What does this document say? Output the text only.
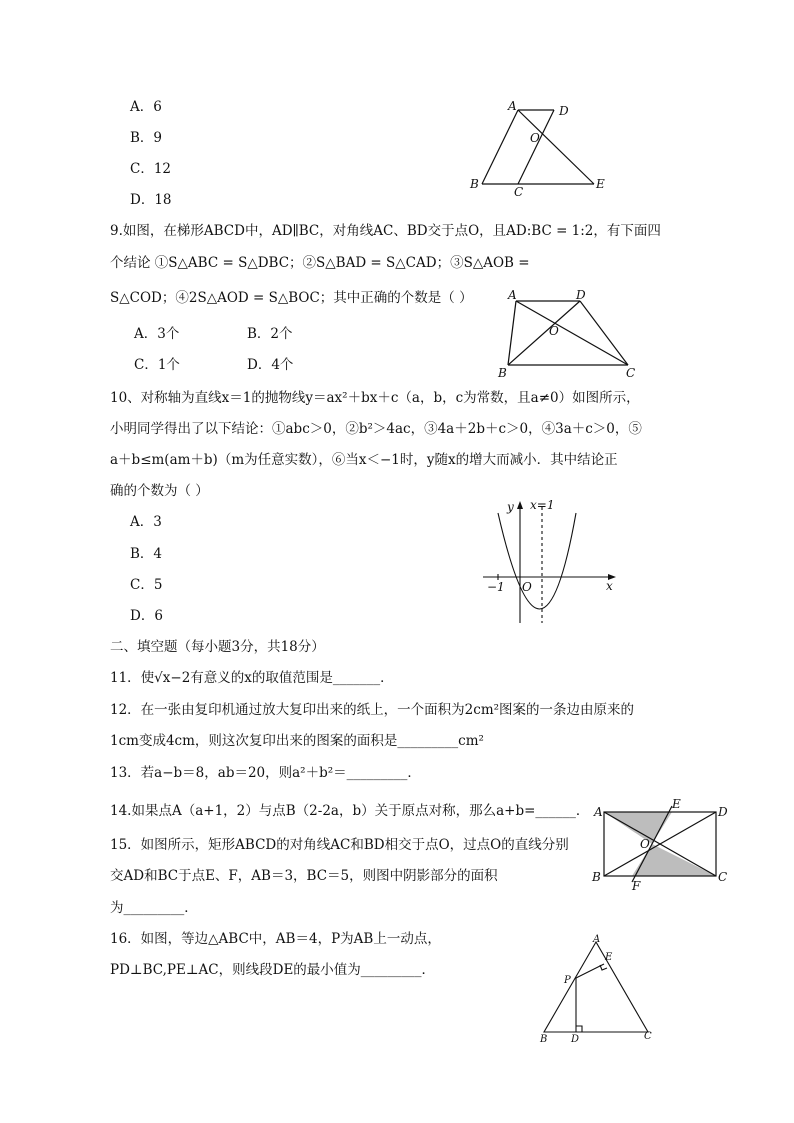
A．6
B．9
C．12
D．18
A	D
O
B
C
E
9.如图，在梯形ABCD中，AD∥BC，对角线AC、BD交于点O，且AD:BC = 1:2，有下面四
个结论 ①S△ABC = S△DBC；②S△BAD = S△CAD；③S△AOB =
S△COD；④2S△AOD = S△BOC；其中正确的个数是（ ）
A．3个	B．2个
C．1个	D．4个
A	D
O
B	C
10、对称轴为直线x＝1的抛物线y＝ax²＋bx＋c（a，b，c为常数，且a≠0）如图所示，
小明同学得出了以下结论：①abc＞0，②b²＞4ac，③4a＋2b＋c＞0，④3a＋c＞0，⑤
a＋b≤m(am＋b)（m为任意实数），⑥当x＜−1时，y随x的增大而减小．其中结论正
确的个数为（ ）
A．3
B．4
C．5
D．6
y x=1
−1 O	x
二、填空题（每小题3分，共18分）
11．使√x−2有意义的x的取值范围是_______．
12．在一张由复印机通过放大复印出来的纸上，一个面积为2cm²图案的一条边由原来的
1cm变成4cm，则这次复印出来的图案的面积是_________cm²
13．若a−b＝8，ab＝20，则a²＋b²＝_________．
14.如果点A（a+1，2）与点B（2-2a，b）关于原点对称，那么a+b=______．
15．如图所示，矩形ABCD的对角线AC和BD相交于点O，过点O的直线分别
交AD和BC于点E、F，AB＝3，BC＝5，则图中阴影部分的面积
为_________．
A
E
D
O
B
F
C
16．如图，等边△ABC中，AB＝4，P为AB上一动点，
PD⊥BC,PE⊥AC，则线段DE的最小值为_________．
A
E
P
B D	C
